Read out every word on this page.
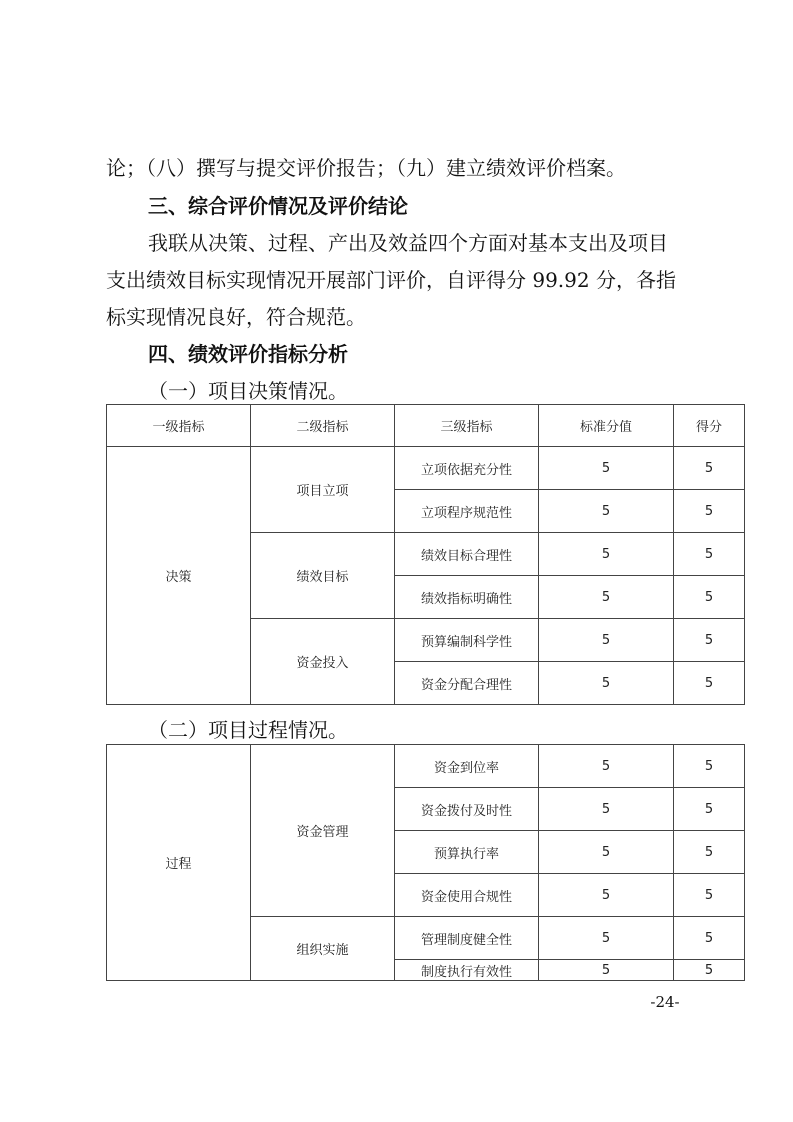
论；（八）撰写与提交评价报告；（九）建立绩效评价档案。

三、综合评价情况及评价结论

我联从决策、过程、产出及效益四个方面对基本支出及项目

支出绩效目标实现情况开展部门评价，自评得分 99.92 分，各指

标实现情况良好，符合规范。

四、绩效评价指标分析

（一）项目决策情况。

一级指标	二级指标	三级指标	标准分值	得分
决策	项目立项	立项依据充分性	5	5
		立项程序规范性	5	5
	绩效目标	绩效目标合理性	5	5
		绩效指标明确性	5	5
	资金投入	预算编制科学性	5	5
		资金分配合理性	5	5

（二）项目过程情况。

过程	资金管理	资金到位率	5	5
		资金拨付及时性	5	5
		预算执行率	5	5
		资金使用合规性	5	5
	组织实施	管理制度健全性	5	5
		制度执行有效性	5	5

-24-
